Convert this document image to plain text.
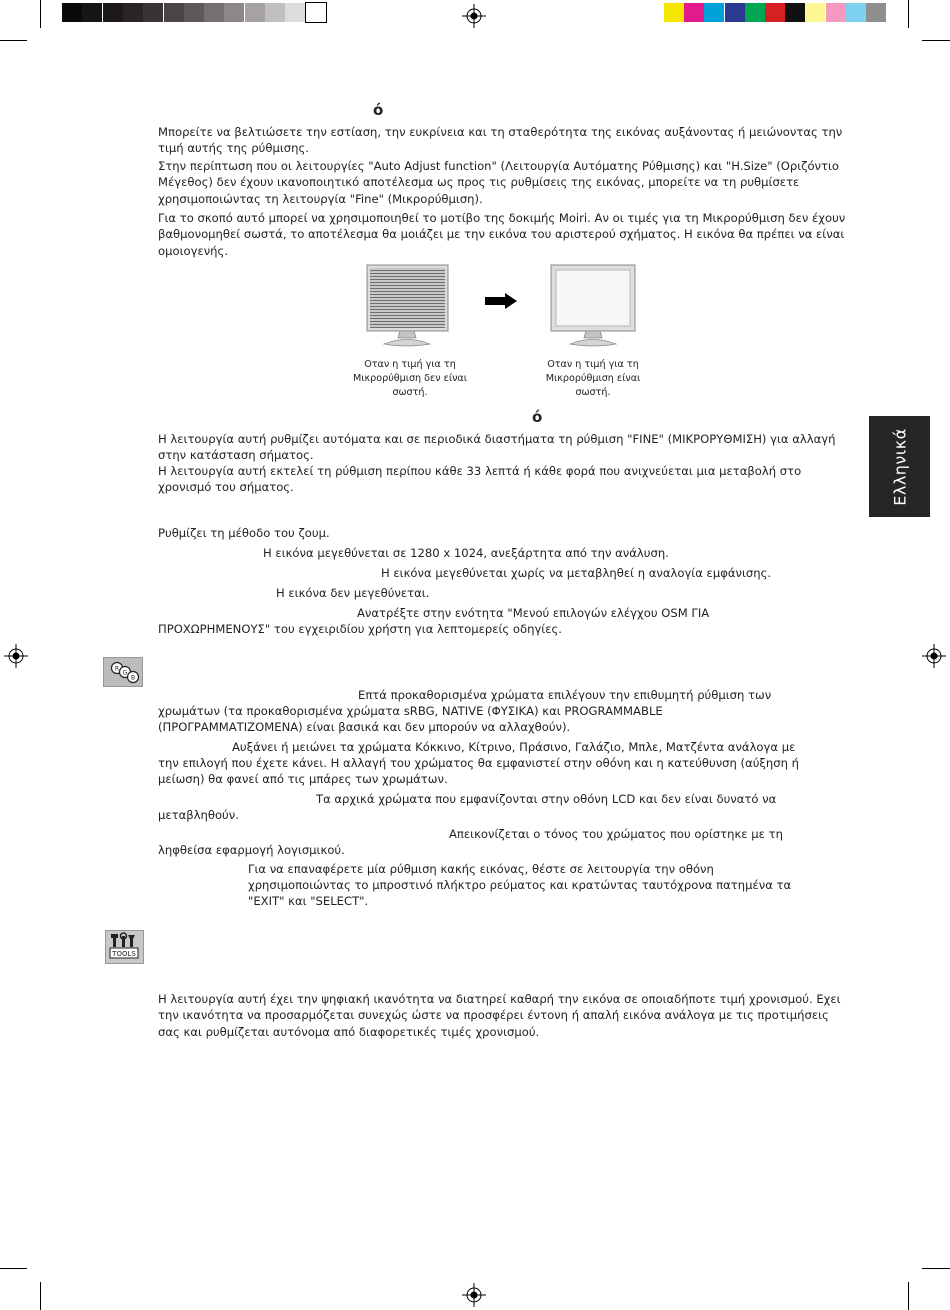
Ελληνικά
ό

Μπορείτε να βελτιώσετε την εστίαση, την ευκρίνεια και τη σταθερότητα της εικόνας αυξάνοντας ή μειώνοντας την τιμή αυτής της ρύθμισης.

Στην περίπτωση που οι λειτουργίες "Auto Adjust function" (Λειτουργία Αυτόματης Ρύθμισης) και "H.Size" (Οριζόντιο Μέγεθος) δεν έχουν ικανοποιητικό αποτέλεσμα ως προς τις ρυθμίσεις της εικόνας, μπορείτε να τη ρυθμίσετε χρησιμοποιώντας τη λειτουργία "Fine" (Μικρορύθμιση).

Για το σκοπό αυτό μπορεί να χρησιμοποιηθεί το μοτίβο της δοκιμής Moiri. Αν οι τιμές για τη Μικρορύθμιση δεν έχουν βαθμονομηθεί σωστά, το αποτέλεσμα θα μοιάζει με την εικόνα του αριστερού σχήματος. Η εικόνα θα πρέπει να είναι ομοιογενής.

Οταν η τιμή για τη Μικρορύθμιση δεν είναι σωστή.
Οταν η τιμή για τη Μικρορύθμιση είναι σωστή.
ό

Η λειτουργία αυτή ρυθμίζει αυτόματα και σε περιοδικά διαστήματα τη ρύθμιση "FINE" (ΜΙΚΡΟΡΥΘΜΙΣΗ) για αλλαγή στην κατάσταση σήματος.

Η λειτουργία αυτή εκτελεί τη ρύθμιση περίπου κάθε 33 λεπτά ή κάθε φορά που ανιχνεύεται μια μεταβολή στο χρονισμό του σήματος.

Ρυθμίζει τη μέθοδο του ζουμ.

Η εικόνα μεγεθύνεται σε 1280 x 1024, ανεξάρτητα από την ανάλυση.

Η εικόνα μεγεθύνεται χωρίς να μεταβληθεί η αναλογία εμφάνισης.

Η εικόνα δεν μεγεθύνεται.

Ανατρέξτε στην ενότητα "Μενού επιλογών ελέγχου OSM ΓΙΑ

ΠΡΟΧΩΡΗΜΕΝΟΥΣ" του εγχειριδίου χρήστη για λεπτομερείς οδηγίες.

R
G
B

Επτά προκαθορισμένα χρώματα επιλέγουν την επιθυμητή ρύθμιση των

χρωμάτων (τα προκαθορισμένα χρώματα sRBG, NATIVE (ΦΥΣΙΚΑ) και PROGRAMMABLE

(ΠΡΟΓΡΑΜΜΑΤΙΖΟΜΕΝΑ) είναι βασικά και δεν μπορούν να αλλαχθούν).

Αυξάνει ή μειώνει τα χρώματα Κόκκινο, Κίτρινο, Πράσινο, Γαλάζιο, Μπλε, Ματζέντα ανάλογα με

την επιλογή που έχετε κάνει. Η αλλαγή του χρώματος θα εμφανιστεί στην οθόνη και η κατεύθυνση (αύξηση ή

μείωση) θα φανεί από τις μπάρες των χρωμάτων.

Τα αρχικά χρώματα που εμφανίζονται στην οθόνη LCD και δεν είναι δυνατό να

μεταβληθούν.

Απεικονίζεται ο τόνος του χρώματος που ορίστηκε με τη

ληφθείσα εφαρμογή λογισμικού.

Για να επαναφέρετε μία ρύθμιση κακής εικόνας, θέστε σε λειτουργία την οθόνη

χρησιμοποιώντας το μπροστινό πλήκτρο ρεύματος και κρατώντας ταυτόχρονα πατημένα τα

"EXIT" και "SELECT".

TOOLS

Η λειτουργία αυτή έχει την ψηφιακή ικανότητα να διατηρεί καθαρή την εικόνα σε οποιαδήποτε τιμή χρονισμού. Εχει την ικανότητα να προσαρμόζεται συνεχώς ώστε να προσφέρει έντονη ή απαλή εικόνα ανάλογα με τις προτιμήσεις σας και ρυθμίζεται αυτόνομα από διαφορετικές τιμές χρονισμού.
